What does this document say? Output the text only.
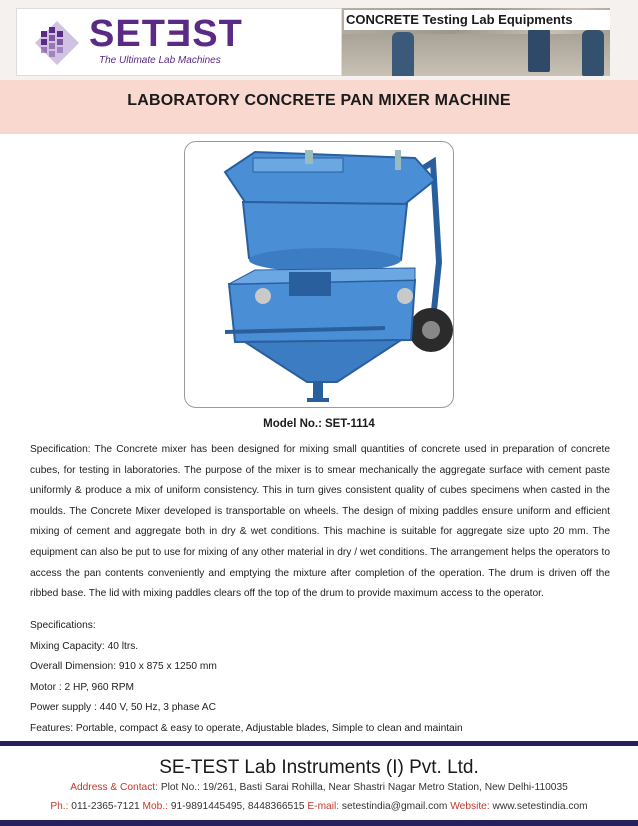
SETƎST
The Ultimate Lab Machines
CONCRETE Testing Lab Equipments
LABORATORY CONCRETE PAN MIXER MACHINE
Model No.: SET-1114

Specification: The Concrete mixer has been designed for mixing small quantities of concrete used in preparation of concrete cubes, for testing in laboratories. The purpose of the mixer is to smear mechanically the aggregate surface with cement paste uniformly & produce a mix of uniform consistency. This in turn gives consistent quality of cubes specimens when casted in the moulds. The Concrete Mixer developed is transportable on wheels. The design of mixing paddles ensure uniform and efficient mixing of cement and aggregate both in dry & wet conditions. This machine is suitable for aggregate size upto 20 mm. The equipment can also be put to use for mixing of any other material in dry / wet conditions. The arrangement helps the operators to access the pan contents conveniently and emptying the mixture after completion of the operation. The drum is driven off the ribbed base. The lid with mixing paddles clears off the top of the drum to provide maximum access to the operator.

Specifications:
Mixing Capacity: 40 ltrs.
Overall Dimension: 910 x 875 x 1250 mm
Motor : 2 HP, 960 RPM
Power supply : 440 V, 50 Hz, 3 phase AC
Features: Portable, compact & easy to operate, Adjustable blades, Simple to clean and maintain
SE-TEST Lab Instruments (I) Pvt. Ltd.
Address & Contact: Plot No.: 19/261, Basti Sarai Rohilla, Near Shastri Nagar Metro Station, New Delhi-110035
Ph.: 011-2365-7121 Mob.: 91-9891445495, 8448366515 E-mail: setestindia@gmail.com Website: www.setestindia.com
